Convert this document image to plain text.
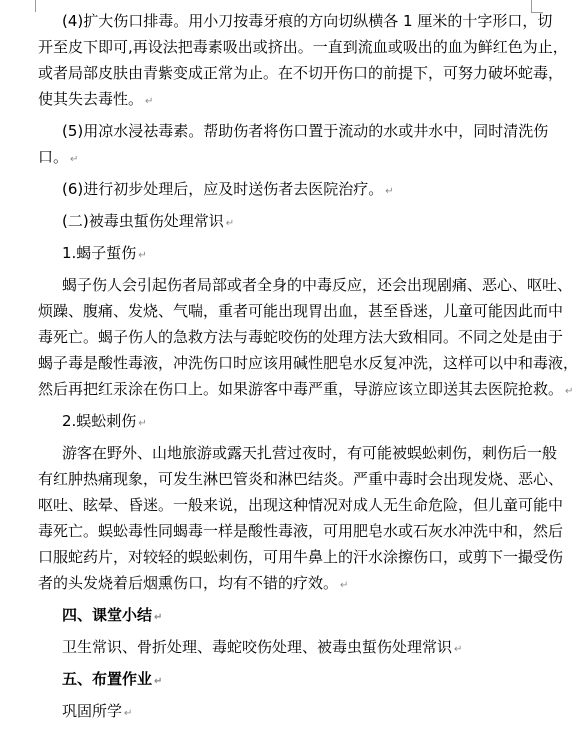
(4)扩大伤口排毒。用小刀按毒牙痕的方向切纵横各 1 厘米的十字形口，切
开至皮下即可,再设法把毒素吸出或挤出。一直到流血或吸出的血为鲜红色为止，
或者局部皮肤由青紫变成正常为止。在不切开伤口的前提下，可努力破坏蛇毒，
使其失去毒性。 ↵
(5)用凉水浸祛毒素。帮助伤者将伤口置于流动的水或井水中，同时清洗伤
口。 ↵
(6)进行初步处理后，应及时送伤者去医院治疗。 ↵
(二)被毒虫蜇伤处理常识 ↵
1.蝎子蜇伤 ↵
蝎子伤人会引起伤者局部或者全身的中毒反应，还会出现剧痛、恶心、呕吐、
烦躁、腹痛、发烧、气喘，重者可能出现胃出血，甚至昏迷，儿童可能因此而中
毒死亡。蝎子伤人的急救方法与毒蛇咬伤的处理方法大致相同。不同之处是由于
蝎子毒是酸性毒液，冲洗伤口时应该用碱性肥皂水反复冲洗，这样可以中和毒液，
然后再把红汞涂在伤口上。如果游客中毒严重，导游应该立即送其去医院抢救。 ↵
2.蜈蚣刺伤 ↵
游客在野外、山地旅游或露天扎营过夜时，有可能被蜈蚣刺伤，刺伤后一般
有红肿热痛现象，可发生淋巴管炎和淋巴结炎。严重中毒时会出现发烧、恶心、
呕吐、眩晕、昏迷。一般来说，出现这种情况对成人无生命危险，但儿童可能中
毒死亡。蜈蚣毒性同蝎毒一样是酸性毒液，可用肥皂水或石灰水冲洗中和，然后
口服蛇药片，对较轻的蜈蚣刺伤，可用牛鼻上的汗水涂擦伤口，或剪下一撮受伤
者的头发烧着后烟熏伤口，均有不错的疗效。 ↵
四、课堂小结 ↵
卫生常识、骨折处理、毒蛇咬伤处理、被毒虫蜇伤处理常识 ↵
五、布置作业 ↵
巩固所学 ↵
